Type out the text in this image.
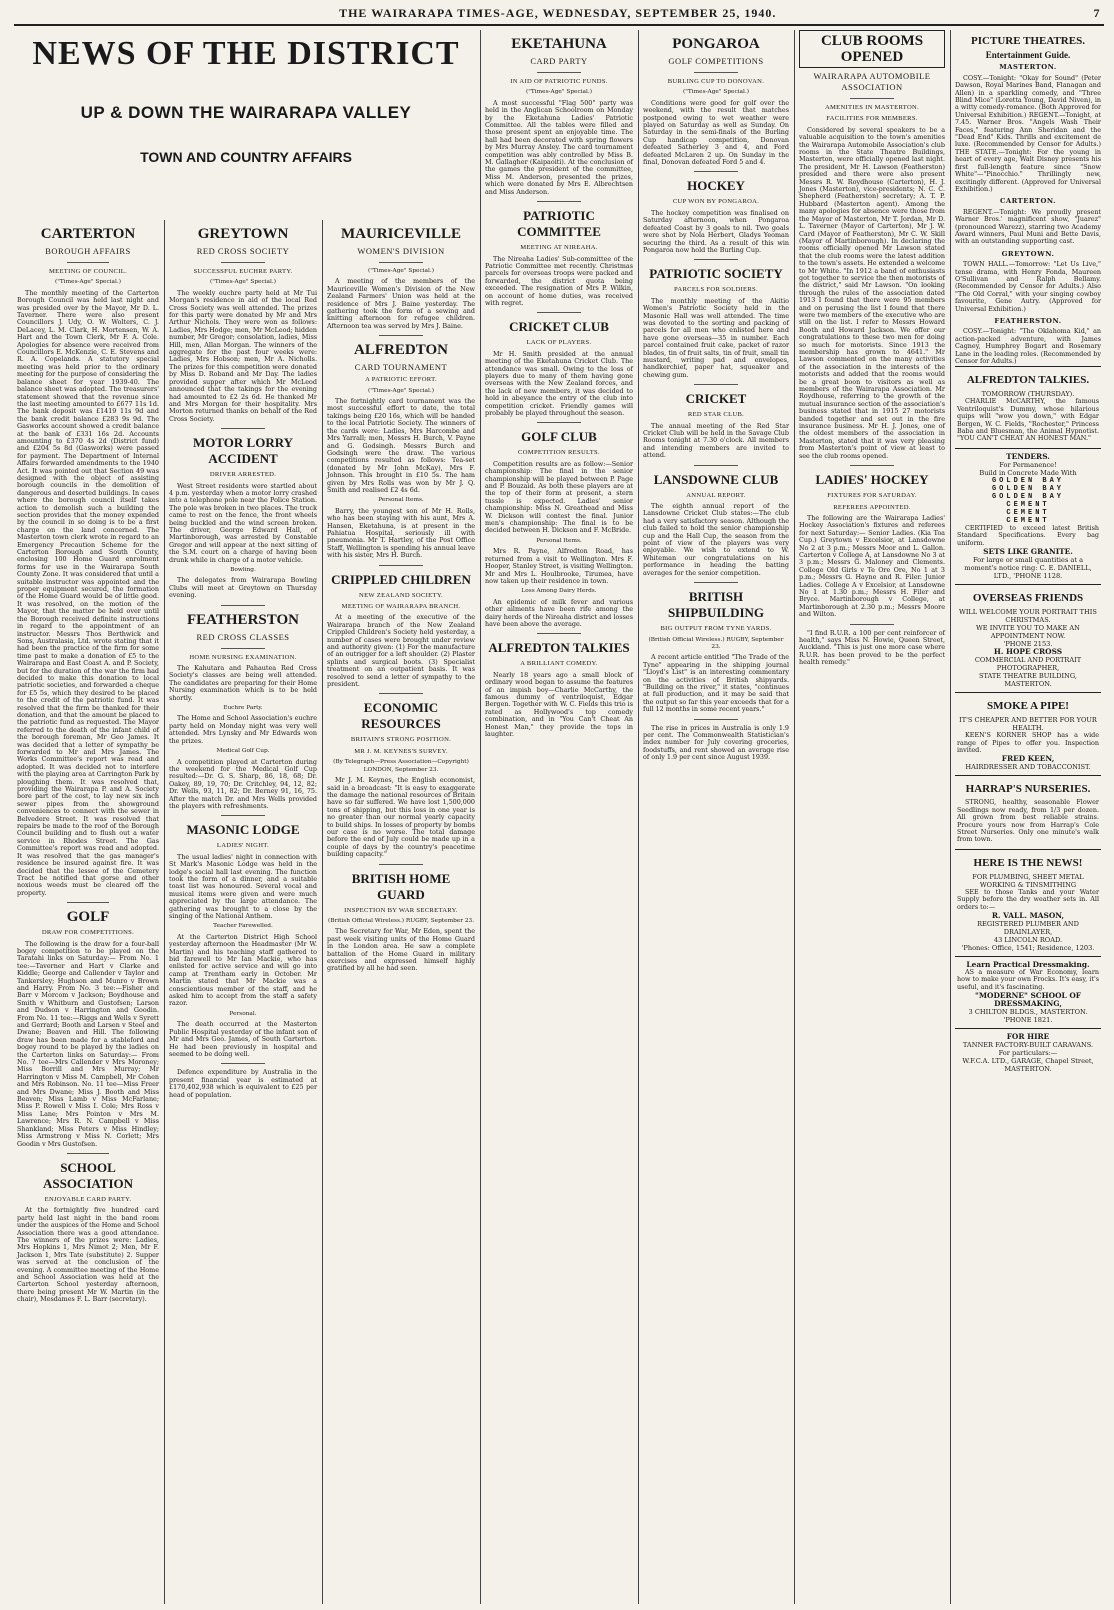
THE WAIRARAPA TIMES-AGE, WEDNESDAY, SEPTEMBER 25, 1940.	7
NEWS OF THE DISTRICT
UP & DOWN THE WAIRARAPA VALLEY
TOWN AND COUNTRY AFFAIRS
CARTERTON
BOROUGH AFFAIRS
MEETING OF COUNCIL.
("Times-Age" Special.)
The monthly meeting of the Carterton Borough Council was held last night and was presided over by the Mayor, Mr D. L. Taverner. There were also present Councillors J. Udy, O. W. Wolters, C. J. DeLacey, L. M. Clark, H. Mortensen, W. A. Hart and the Town Clerk, Mr F. A. Cole. Apologies for absence were received from Councillors E. McKenzie, C. E. Stevens and R. A. Copelands. A statutory special meeting was held prior to the ordinary meeting for the purpose of considering the balance sheet for year 1939-40. The balance sheet was adopted. The treasurers' statement showed that the revenue since the last meeting amounted to £677 11s 1d. The bank deposit was £1419 11s 9d and the bank credit balance £283 9s 9d. The Gasworks account showed a credit balance at the bank of £331 16s 2d. Accounts amounting to £370 4s 2d (District fund) and £204 5s 8d (Gasworks) were passed for payment. The Department of Internal Affairs forwarded amendments to the 1940 Act. It was pointed out that Section 49 was designed with the object of assisting borough councils in the demolition of dangerous and deserted buildings. In cases where the borough council itself takes action to demolish such a building the section provides that the money expended by the council in so doing is to be a first charge on the land concerned. The Masterton town clerk wrote in regard to an Emergency Precaution Scheme for the Carterton Borough and South County, enclosing 100 Home Guard enrolment forms for use in the Wairarapa South County Zone. It was considered that until a suitable instructor was appointed and the proper equipment secured, the formation of the Home Guard would be of little good. It was resolved, on the motion of the Mayor, that the matter be held over until the Borough received definite instructions in regard to the appointment of an instructor. Messrs Thos Berthwick and Sons, Australasia, Ltd. wrote stating that it had been the practice of the firm for some time past to make a donation of £5 to the Wairarapa and East Coast A. and P. Society, but for the duration of the war the firm had decided to make this donation to local patriotic societies, and forwarded a cheque for £5 5s, which they desired to be placed to the credit of the patriotic fund. It was resolved that the firm be thanked for their donation, and that the amount be placed to the patriotic fund as requested. The Mayor referred to the death of the infant child of the borough foreman, Mr Geo James. It was decided that a letter of sympathy be forwarded to Mr and Mrs James. The Works Committee's report was read and adopted. It was decided not to interfere with the playing area at Carrington Park by ploughing them. It was resolved that, providing the Wairarapa P. and A. Society bore part of the cost, to lay new six inch sewer pipes from the showground conveniences to connect with the sewer in Belvedere Street. It was resolved that repairs be made to the roof of the Borough Council building and to flush out a water service in Rhodes Street. The Gas Committee's report was read and adopted. It was resolved that the gas manager's residence be insured against fire. It was decided that the lessee of the Cemetery Tract be notified that gorse and other noxious weeds must be cleared off the property.
GOLF
DRAW FOR COMPETITIONS.
The following is the draw for a four-ball bogey competition to be played on the Taratahi links on Saturday:— From No. 1 tee:—Taverner and Hart v Clarke and Kiddle; George and Callender v Taylor and Tankersley; Hughson and Munro v Brown and Harry. From No. 3 tee:—Fisher and Barr v Morcom v Jackson; Boydhouse and Smith v Whitburn and Gustofsen; Larson and Dudson v Harrington and Goodin. From No. 11 tee:—Riggs and Wells v Syrett and Gerrard; Booth and Larsen v Steel and Dwane; Beaven and Hill. The following draw has been made for a stableford and bogey round to be played by the ladies on the Carterton links on Saturday:— From No. 7 tee—Mrs Callender v Mrs Moroney; Miss Borrill and Mrs Murray; Mr Harrington v Miss M. Campbell, Mr Cohen and Mrs Robinson. No. 11 tee—Miss Freer and Mrs Dwane; Miss J. Booth and Miss Beaven; Miss Lamb v Miss McFarlane; Miss P. Rowell v Miss I. Cole; Mrs Ross v Miss Lane; Mrs Pointon v Mrs M. Lawrence; Mrs R. N. Campbell v Miss Shankland; Miss Peters v Miss Hindley; Miss Armstrong v Miss N. Corlett; Mrs Goodin v Mrs Gustofsen.
SCHOOL ASSOCIATION
ENJOYABLE CARD PARTY.
At the fortnightly five hundred card party held last night in the band room under the auspices of the Home and School Association there was a good attendance. The winners of the prizes were: Ladies, Mrs Hopkins 1, Mrs Nimot 2; Men, Mr F. Jackson 1, Mrs Tate (substitute) 2. Supper was served at the conclusion of the evening. A committee meeting of the Home and School Association was held at the Carterton School yesterday afternoon, there being present Mr W. Martin (in the chair), Mesdames F. L. Barr (secretary).
GREYTOWN
RED CROSS SOCIETY
SUCCESSFUL EUCHRE PARTY.
("Times-Age" Special.)
The weekly euchre party held at Mr Tui Morgan's residence in aid of the local Red Cross Society was well attended. The prizes for this party were donated by Mr and Mrs Arthur Nichols. They were won as follows: Ladies, Mrs Hodge; men, Mr McLeod; hidden number, Mr Gregor; consolation, ladies, Miss Hill, men, Allan Morgan. The winners of the aggregate for the past four weeks were: Ladies, Mrs Hobson; men, Mr A. Nicholls. The prizes for this competition were donated by Miss D. Roband and Mr Day. The ladies provided supper after which Mr McLeod announced that the takings for the evening had amounted to £2 2s 6d. He thanked Mr and Mrs Morgan for their hospitality. Mrs Morton returned thanks on behalf of the Red Cross Society.
MOTOR LORRY ACCIDENT
DRIVER ARRESTED.
West Street residents were startled about 4 p.m. yesterday when a motor lorry crashed into a telephone pole near the Police Station. The pole was broken in two places. The truck came to rest on the fence, the front wheels being buckled and the wind screen broken. The driver, George Edward Hall, of Martinborough, was arrested by Constable Gregor and will appear at the next sitting of the S.M. court on a charge of having been drunk while in charge of a motor vehicle.
Bowling.
The delegates from Wairarapa Bowling Clubs will meet at Greytown on Thursday evening.
FEATHERSTON
RED CROSS CLASSES
HOME NURSING EXAMINATION.
The Kahutara and Pahautea Red Cross Society's classes are being well attended. The candidates are preparing for their Home Nursing examination which is to be held shortly.
Euchre Party.
The Home and School Association's euchre party held on Monday night was very well attended. Mrs Lynsky and Mr Edwards won the prizes.
Medical Golf Cup.
A competition played at Carterton during the weekend for the Medical Golf Cup resulted:—Dr. G. S. Sharp, 86, 18, 68; Dr. Oakey, 89, 19, 70; Dr. Critchley, 94, 12, 82; Dr. Wells, 93, 11, 82; Dr. Berney 91, 16, 75. After the match Dr. and Mrs Wells provided the players with refreshments.
MASONIC LODGE
LADIES' NIGHT.
The usual ladies' night in connection with St Mark's Masonic Lodge was held in the lodge's social hall last evening. The function took the form of a dinner, and a suitable toast list was honoured. Several vocal and musical items were given and were much appreciated by the large attendance. The gathering was brought to a close by the singing of the National Anthem.
Teacher Farewelled.
At the Carterton District High School yesterday afternoon the Headmaster (Mr W. Martin) and his teaching staff gathered to bid farewell to Mr Ian Mackie, who has enlisted for active service and will go into camp at Trentham early in October. Mr Martin stated that Mr Mackie was a conscientious member of the staff, and he asked him to accept from the staff a safety razor.
Personal.
The death occurred at the Masterton Public Hospital yesterday of the infant son of Mr and Mrs Geo. James, of South Carterton. He had been previously in hospital and seemed to be doing well.
Defence expenditure by Australia in the present financial year is estimated at £170,402,938 which is equivalent to £25 per head of population.
MAURICEVILLE
WOMEN'S DIVISION
("Times-Age" Special.)
A meeting of the members of the Mauriceville Women's Division of the New Zealand Farmers' Union was held at the residence of Mrs J. Baine yesterday. The gathering took the form of a sewing and knitting afternoon for refugee children. Afternoon tea was served by Mrs J. Baine.
ALFREDTON
CARD TOURNAMENT
A PATRIOTIC EFFORT.
("Times-Age" Special.)
The fortnightly card tournament was the most successful effort to date, the total takings being £20 16s, which will be handed to the local Patriotic Society. The winners of the cards were: Ladies, Mrs Harcombe and Mrs Yarrall; men, Messrs H. Burch, V. Payne and G. Godsingh. Messrs Burch and Godsingh were the draw. The various competitions resulted as follows: Tea-set (donated by Mr John McKay), Mrs F. Johnson. This brought in £10 5s. The ham given by Mrs Rolls was won by Mr J. Q. Smith and realised £2 4s 6d.
Personal Items.
Barry, the youngest son of Mr H. Rolls, who has been staying with his aunt, Mrs A. Hansen, Eketahuna, is at present in the Pahiatua Hospital, seriously ill with pneumonia. Mr T. Hartley, of the Post Office Staff, Wellington is spending his annual leave with his sister, Mrs H. Burch.
CRIPPLED CHILDREN
NEW ZEALAND SOCIETY.
MEETING OF WAIRARAPA BRANCH.
At a meeting of the executive of the Wairarapa branch of the New Zealand Crippled Children's Society held yesterday, a number of cases were brought under review and authority given: (1) For the manufacture of an outrigger for a left shoulder. (2) Plaster splints and surgical boots. (3) Specialist treatment on an outpatient basis. It was resolved to send a letter of sympathy to the president.
ECONOMIC RESOURCES
BRITAIN'S STRONG POSITION.
MR J. M. KEYNES'S SURVEY.
(By Telegraph—Press Association—Copyright) LONDON, September 23.
Mr J. M. Keynes, the English economist, said in a broadcast: "It is easy to exaggerate the damage the national resources of Britain have so far suffered. We have lost 1,500,000 tons of shipping, but this loss in one year is no greater than our normal yearly capacity to build ships. In losses of property by bombs our case is no worse. The total damage before the end of July could be made up in a couple of days by the country's peacetime building capacity."
BRITISH HOME GUARD
INSPECTION BY WAR SECRETARY.
(British Official Wireless.) RUGBY, September 23.
The Secretary for War, Mr Eden, spent the past week visiting units of the Home Guard in the London area. He saw a complete battalion of the Home Guard in military exercises and expressed himself highly gratified by all he had seen.
EKETAHUNA
CARD PARTY
IN AID OF PATRIOTIC FUNDS.
("Times-Age" Special.)
A most successful "Flag 500" party was held in the Anglican Schoolroom on Monday by the Eketahuna Ladies' Patriotic Committee. All the tables were filled and those present spent an enjoyable time. The hall had been decorated with spring flowers by Mrs Murray Ansley. The card tournament competition was ably controlled by Miss B. M. Gallagher (Kaipaoiti). At the conclusion of the games the president of the committee, Miss M. Anderson, presented the prizes, which were donated by Mrs E. Albrechtsen and Miss Anderson.
PATRIOTIC COMMITTEE
MEETING AT NIREAHA.
The Nireaha Ladies' Sub-committee of the Patriotic Committee met recently. Christmas parcels for overseas troops were packed and forwarded, the district quota being exceeded. The resignation of Mrs P. Wilkin, on account of home duties, was received with regret.
CRICKET CLUB
LACK OF PLAYERS.
Mr H. Smith presided at the annual meeting of the Eketahuna Cricket Club. The attendance was small. Owing to the loss of players due to many of them having gone overseas with the New Zealand forces, and the lack of new members, it was decided to hold in abeyance the entry of the club into competition cricket. Friendly games will probably be played throughout the season.
GOLF CLUB
COMPETITION RESULTS.
Competition results are as follow:—Senior championship: The final in the senior championship will be played between P. Page and P. Bouzaid. As both these players are at the top of their form at present, a stern tussle is expected. Ladies' senior championship: Miss N. Greathead and Miss W. Dickson will contest the final. Junior men's championship: The final is to be decided between H. Dickson and F. McBride.
Personal Items.
Mrs R. Payne, Alfredton Road, has returned from a visit to Wellington. Mrs F. Hooper, Stanley Street, is visiting Wellington. Mr and Mrs L. Houlbrooke, Tirumea, have now taken up their residence in town.
Loss Among Dairy Herds.
An epidemic of milk fever and various other ailments have been rife among the dairy herds of the Nireaha district and losses have been above the average.
ALFREDTON TALKIES
A BRILLIANT COMEDY.
Nearly 18 years ago a small block of ordinary wood began to assume the features of an impish boy—Charlie McCarthy, the famous dummy of ventriloquist, Edgar Bergen. Together with W. C. Fields this trio is rated as Hollywood's top comedy combination, and in "You Can't Cheat An Honest Man," they provide the tops in laughter.
PONGAROA
GOLF COMPETITIONS
BURLING CUP TO DONOVAN.
("Times-Age" Special.)
Conditions were good for golf over the weekend, with the result that matches postponed owing to wet weather were played on Saturday as well as Sunday. On Saturday in the semi-finals of the Burling Cup handicap competition, Donovan defeated Satherley 3 and 4, and Ford defeated McLaren 2 up. On Sunday in the final, Donovan defeated Ford 5 and 4.
HOCKEY
CUP WON BY PONGAROA.
The hockey competition was finalised on Saturday afternoon, when Pongaroa defeated Coast by 3 goals to nil. Two goals were shot by Nola Herbert, Gladys Yeoman securing the third. As a result of this win Pongaroa now hold the Burling Cup.
PATRIOTIC SOCIETY
PARCELS FOR SOLDIERS.
The monthly meeting of the Akitio Women's Patriotic Society held in the Masonic Hall was well attended. The time was devoted to the sorting and packing of parcels for all men who enlisted here and have gone overseas—35 in number. Each parcel contained fruit cake, packet of razor blades, tin of fruit salts, tin of fruit, small tin mustard, writing pad and envelopes, handkerchief, paper hat, squeaker and chewing gum.
CRICKET
RED STAR CLUB.
The annual meeting of the Red Star Cricket Club will be held in the Savage Club Rooms tonight at 7.30 o'clock. All members and intending members are invited to attend.
LANSDOWNE CLUB
ANNUAL REPORT.
The eighth annual report of the Lansdowne Cricket Club states:—The club had a very satisfactory season. Although the club failed to hold the senior championship cup and the Hall Cup, the season from the point of view of the players was very enjoyable. We wish to extend to W. Whiteman our congratulations on his performance in heading the batting averages for the senior competition.
BRITISH SHIPBUILDING
BIG OUTPUT FROM TYNE YARDS.
(British Official Wireless.) RUGBY, September 23.
A recent article entitled "The Trade of the Tyne" appearing in the shipping journal "Lloyd's List" is an interesting commentary on the activities of British shipyards. "Building on the river," it states, "continues at full production, and it may be said that the output so far this year exceeds that for a full 12 months in some recent years."
The rise in prices in Australia is only 1.9 per cent. The Commonwealth Statistician's index number for July covering groceries, foodstuffs, and rent showed an average rise of only 1.9 per cent since August 1939.
CLUB ROOMS OPENED
WAIRARAPA AUTOMOBILE ASSOCIATION
AMENITIES IN MASTERTON.
FACILITIES FOR MEMBERS.
Considered by several speakers to be a valuable acquisition to the town's amenities the Wairarapa Automobile Association's club rooms in the State Theatre Buildings, Masterton, were officially opened last night. The president, Mr H. Lawson (Featherston) presided and there were also present Messrs R. W. Roydhouse (Carterton), H. J. Jones (Masterton), vice-presidents; N. C. C. Shepherd (Featherston) secretary; A. T. P. Hubbard (Masterton agent). Among the many apologies for absence were those from the Mayor of Masterton, Mr T. Jordan, Mr D. L. Taverner (Mayor of Carterton), Mr J. W. Card (Mayor of Featherston), Mr C. W. Skill (Mayor of Martinborough). In declaring the rooms officially opened Mr Lawson stated that the club rooms were the latest addition to the town's assets. He extended a welcome to Mr White. "In 1912 a band of enthusiasts got together to service the then motorists of the district," said Mr Lawson. "On looking through the rules of the association dated 1913 I found that there were 95 members and on perusing the list I found that there were two members of the executive who are still on the list. I refer to Messrs Howard Booth and Howard Jackson. We offer our congratulations to these two men for doing so much for motorists. Since 1913 the membership has grown to 4641." Mr Lawson commented on the many activities of the association in the interests of the motorists and added that the rooms would be a great boon to visitors as well as members of the Wairarapa Association. Mr Roydhouse, referring to the growth of the mutual insurance section of the association's business stated that in 1915 27 motorists banded together and set out in the fire insurance business. Mr H. J. Jones, one of the oldest members of the association in Masterton, stated that it was very pleasing from Masterton's point of view at least to see the club rooms opened.
LADIES' HOCKEY
FIXTURES FOR SATURDAY.
REFEREES APPOINTED.
The following are the Wairarapa Ladies' Hockey Association's fixtures and referees for next Saturday:— Senior Ladies. (Kia Toa Cup.) Greytown v Excelsior, at Lansdowne No 2 at 3 p.m.; Messrs Moor and L. Gallon. Carterton v College A, at Lansdowne No 3 at 3 p.m.; Messrs G. Maloney and Clements. College Old Girls v Te Ore Ore, No 1 at 3 p.m.; Messrs G. Hayne and R. Filer. Junior Ladies. College A v Excelsior, at Lansdowne No 1 at 1.30 p.m.; Messrs H. Filer and Bryce. Martinborough v College, at Martinborough at 2.30 p.m.; Messrs Moore and Wilton.
"I find R.U.R. a 100 per cent reinforcer of health," says Miss N. Howie, Queen Street, Auckland. "This is just one more case where R.U.R. has been proved to be the perfect health remedy."
PICTURE THEATRES.
Entertainment Guide.
MASTERTON.
COSY.—Tonight: "Okay for Sound" (Peter Dawson, Royal Marines Band, Flanagan and Allen) in a sparkling comedy, and "Three Blind Mice" (Loretta Young, David Niven), in a witty comedy-romance. (Both Approved for Universal Exhibition.) REGENT.—Tonight, at 7.45. Warner Bros. "Angels Wash Their Faces," featuring Ann Sheridan and the "Dead End" Kids. Thrills and excitement de luxe. (Recommended by Censor for Adults.) THE STATE.—Tonight: For the young in heart of every age, Walt Disney presents his first full-length feature since "Snow White"—"Pinocchio." Thrillingly new, excitingly different. (Approved for Universal Exhibition.)
CARTERTON.
REGENT.—Tonight: We proudly present Warner Bros.' magnificent show, "Juarez" (pronounced Warezz), starring two Academy Award winners, Paul Muni and Bette Davis, with an outstanding supporting cast.
GREYTOWN.
TOWN HALL.—Tomorrow: "Let Us Live," tense drama, with Henry Fonda, Maureen O'Sullivan and Ralph Bellamy. (Recommended by Censor for Adults.) Also "The Old Corral," with your singing cowboy favourite, Gene Autry. (Approved for Universal Exhibition.)
FEATHERSTON.
COSY.—Tonight: "The Oklahoma Kid," an action-packed adventure, with James Cagney, Humphrey Bogart and Rosemary Lane in the leading roles. (Recommended by Censor for Adults.)
ALFREDTON TALKIES.
TOMORROW (THURSDAY).
CHARLIE McCARTHY, the famous Ventriloquist's Dummy, whose hilarious quips will "wow you down," with Edgar Bergen, W. C. Fields, "Rochester," Princess Baba and Bluesman, the Animal Hypnotist. "YOU CAN'T CHEAT AN HONEST MAN."
TENDERS.
For Permanence!
Build in Concrete Made With
GOLDEN BAY
GOLDEN BAY
GOLDEN BAY
CEMENT
CEMENT
CEMENT
CERTIFIED to exceed latest British Standard Specifications. Every bag uniform.
SETS LIKE GRANITE.
For large or small quantities at a moment's notice ring: C. E. DANIELL, LTD., 'PHONE 1128.
OVERSEAS FRIENDS
WILL WELCOME YOUR PORTRAIT THIS CHRISTMAS.
WE INVITE YOU TO MAKE AN APPOINTMENT NOW.
'PHONE 2153.
H. HOPE CROSS
COMMERCIAL AND PORTRAIT PHOTOGRAPHER,
STATE THEATRE BUILDING, MASTERTON.
SMOKE A PIPE!
IT'S CHEAPER AND BETTER FOR YOUR HEALTH.
KEEN'S KORNER SHOP has a wide range of Pipes to offer you. Inspection invited.
FRED KEEN,
HAIRDRESSER AND TOBACCONIST.
HARRAP'S NURSERIES.
STRONG, healthy, seasonable Flower Seedlings now ready, from 1/3 per dozen. All grown from best reliable strains. Procure yours now from Harrap's Cole Street Nurseries. Only one minute's walk from town.
HERE IS THE NEWS!
FOR PLUMBING, SHEET METAL WORKING & TINSMITHING
SEE to those Tanks and your Water Supply before the dry weather sets in. All orders to:—
R. VALL. MASON,
REGISTERED PLUMBER AND DRAINLAYER,
43 LINCOLN ROAD.
'Phones: Office, 1541; Residence, 1203.
Learn Practical Dressmaking.
AS a measure of War Economy, learn how to make your own Frocks. It's easy, it's useful, and it's fascinating.
"MODERNE" SCHOOL OF DRESSMAKING,
3 CHILTON BLDGS., MASTERTON. 'PHONE 1821.
FOR HIRE
TANNER FACTORY-BUILT CARAVANS.
For particulars:—
W.F.C.A. LTD., GARAGE, Chapel Street, MASTERTON.
